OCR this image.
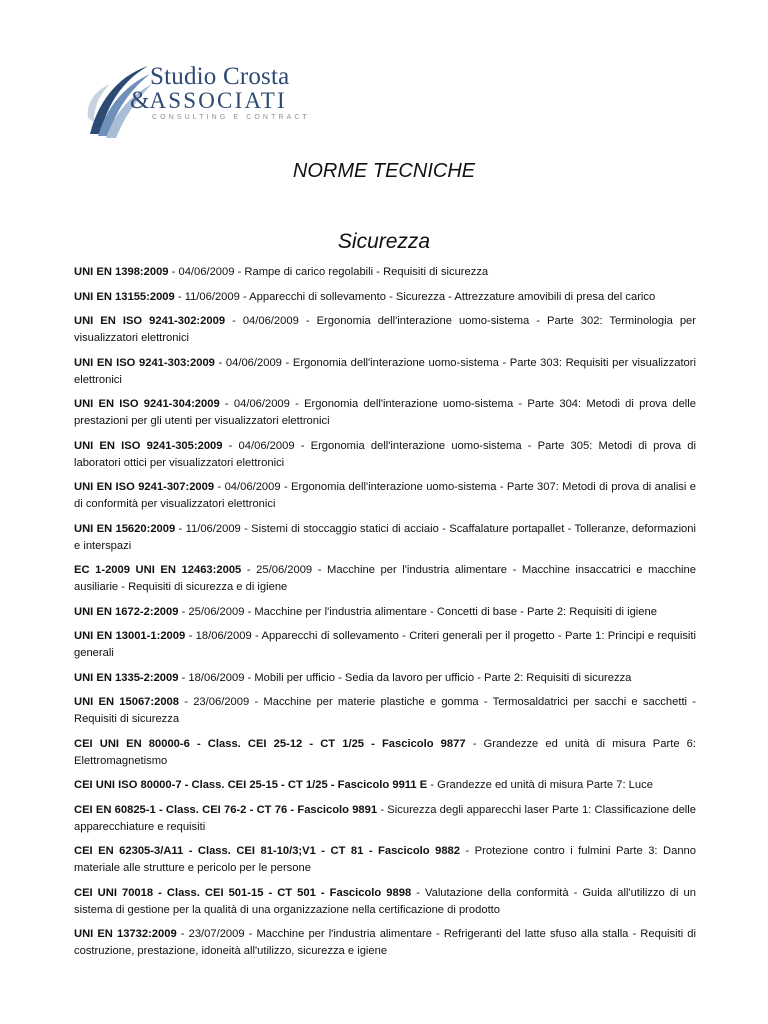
Studio Crosta
&ASSOCIATI
CONSULTING E CONTRACT
NORME TECNICHE
Sicurezza
UNI EN 1398:2009 - 04/06/2009 - Rampe di carico regolabili - Requisiti di sicurezza
UNI EN 13155:2009 - 11/06/2009 - Apparecchi di sollevamento - Sicurezza - Attrezzature amovibili di presa del carico
UNI EN ISO 9241-302:2009 - 04/06/2009 - Ergonomia dell'interazione uomo-sistema - Parte 302: Terminologia per visualizzatori elettronici
UNI EN ISO 9241-303:2009 - 04/06/2009 - Ergonomia dell'interazione uomo-sistema - Parte 303: Requisiti per visualizzatori elettronici
UNI EN ISO 9241-304:2009 - 04/06/2009 - Ergonomia dell'interazione uomo-sistema - Parte 304: Metodi di prova delle prestazioni per gli utenti per visualizzatori elettronici
UNI EN ISO 9241-305:2009 - 04/06/2009 - Ergonomia dell'interazione uomo-sistema - Parte 305: Metodi di prova di laboratori ottici per visualizzatori elettronici
UNI EN ISO 9241-307:2009 - 04/06/2009 - Ergonomia dell'interazione uomo-sistema - Parte 307: Metodi di prova di analisi e di conformità per visualizzatori elettronici
UNI EN 15620:2009 - 11/06/2009 - Sistemi di stoccaggio statici di acciaio - Scaffalature portapallet - Tolleranze, deformazioni e interspazi
EC 1-2009 UNI EN 12463:2005 - 25/06/2009 - Macchine per l'industria alimentare - Macchine insaccatrici e macchine ausiliarie - Requisiti di sicurezza e di igiene
UNI EN 1672-2:2009 - 25/06/2009 - Macchine per l'industria alimentare - Concetti di base - Parte 2: Requisiti di igiene
UNI EN 13001-1:2009 - 18/06/2009 - Apparecchi di sollevamento - Criteri generali per il progetto - Parte 1: Principi e requisiti generali
UNI EN 1335-2:2009 - 18/06/2009 - Mobili per ufficio - Sedia da lavoro per ufficio - Parte 2: Requisiti di sicurezza
UNI EN 15067:2008 - 23/06/2009 - Macchine per materie plastiche e gomma - Termosaldatrici per sacchi e sacchetti - Requisiti di sicurezza
CEI UNI EN 80000-6 - Class. CEI 25-12 - CT 1/25 - Fascicolo 9877 - Grandezze ed unità di misura Parte 6: Elettromagnetismo
CEI UNI ISO 80000-7 - Class. CEI 25-15 - CT 1/25 - Fascicolo 9911 E - Grandezze ed unità di misura Parte 7: Luce
CEI EN 60825-1 - Class. CEI 76-2 - CT 76 - Fascicolo 9891 - Sicurezza degli apparecchi laser Parte 1: Classificazione delle apparecchiature e requisiti
CEI EN 62305-3/A11 - Class. CEI 81-10/3;V1 - CT 81 - Fascicolo 9882 - Protezione contro i fulmini Parte 3: Danno materiale alle strutture e pericolo per le persone
CEI UNI 70018 - Class. CEI 501-15 - CT 501 - Fascicolo 9898 - Valutazione della conformità - Guida all'utilizzo di un sistema di gestione per la qualità di una organizzazione nella certificazione di prodotto
UNI EN 13732:2009 - 23/07/2009 - Macchine per l'industria alimentare - Refrigeranti del latte sfuso alla stalla - Requisiti di costruzione, prestazione, idoneità all'utilizzo, sicurezza e igiene
